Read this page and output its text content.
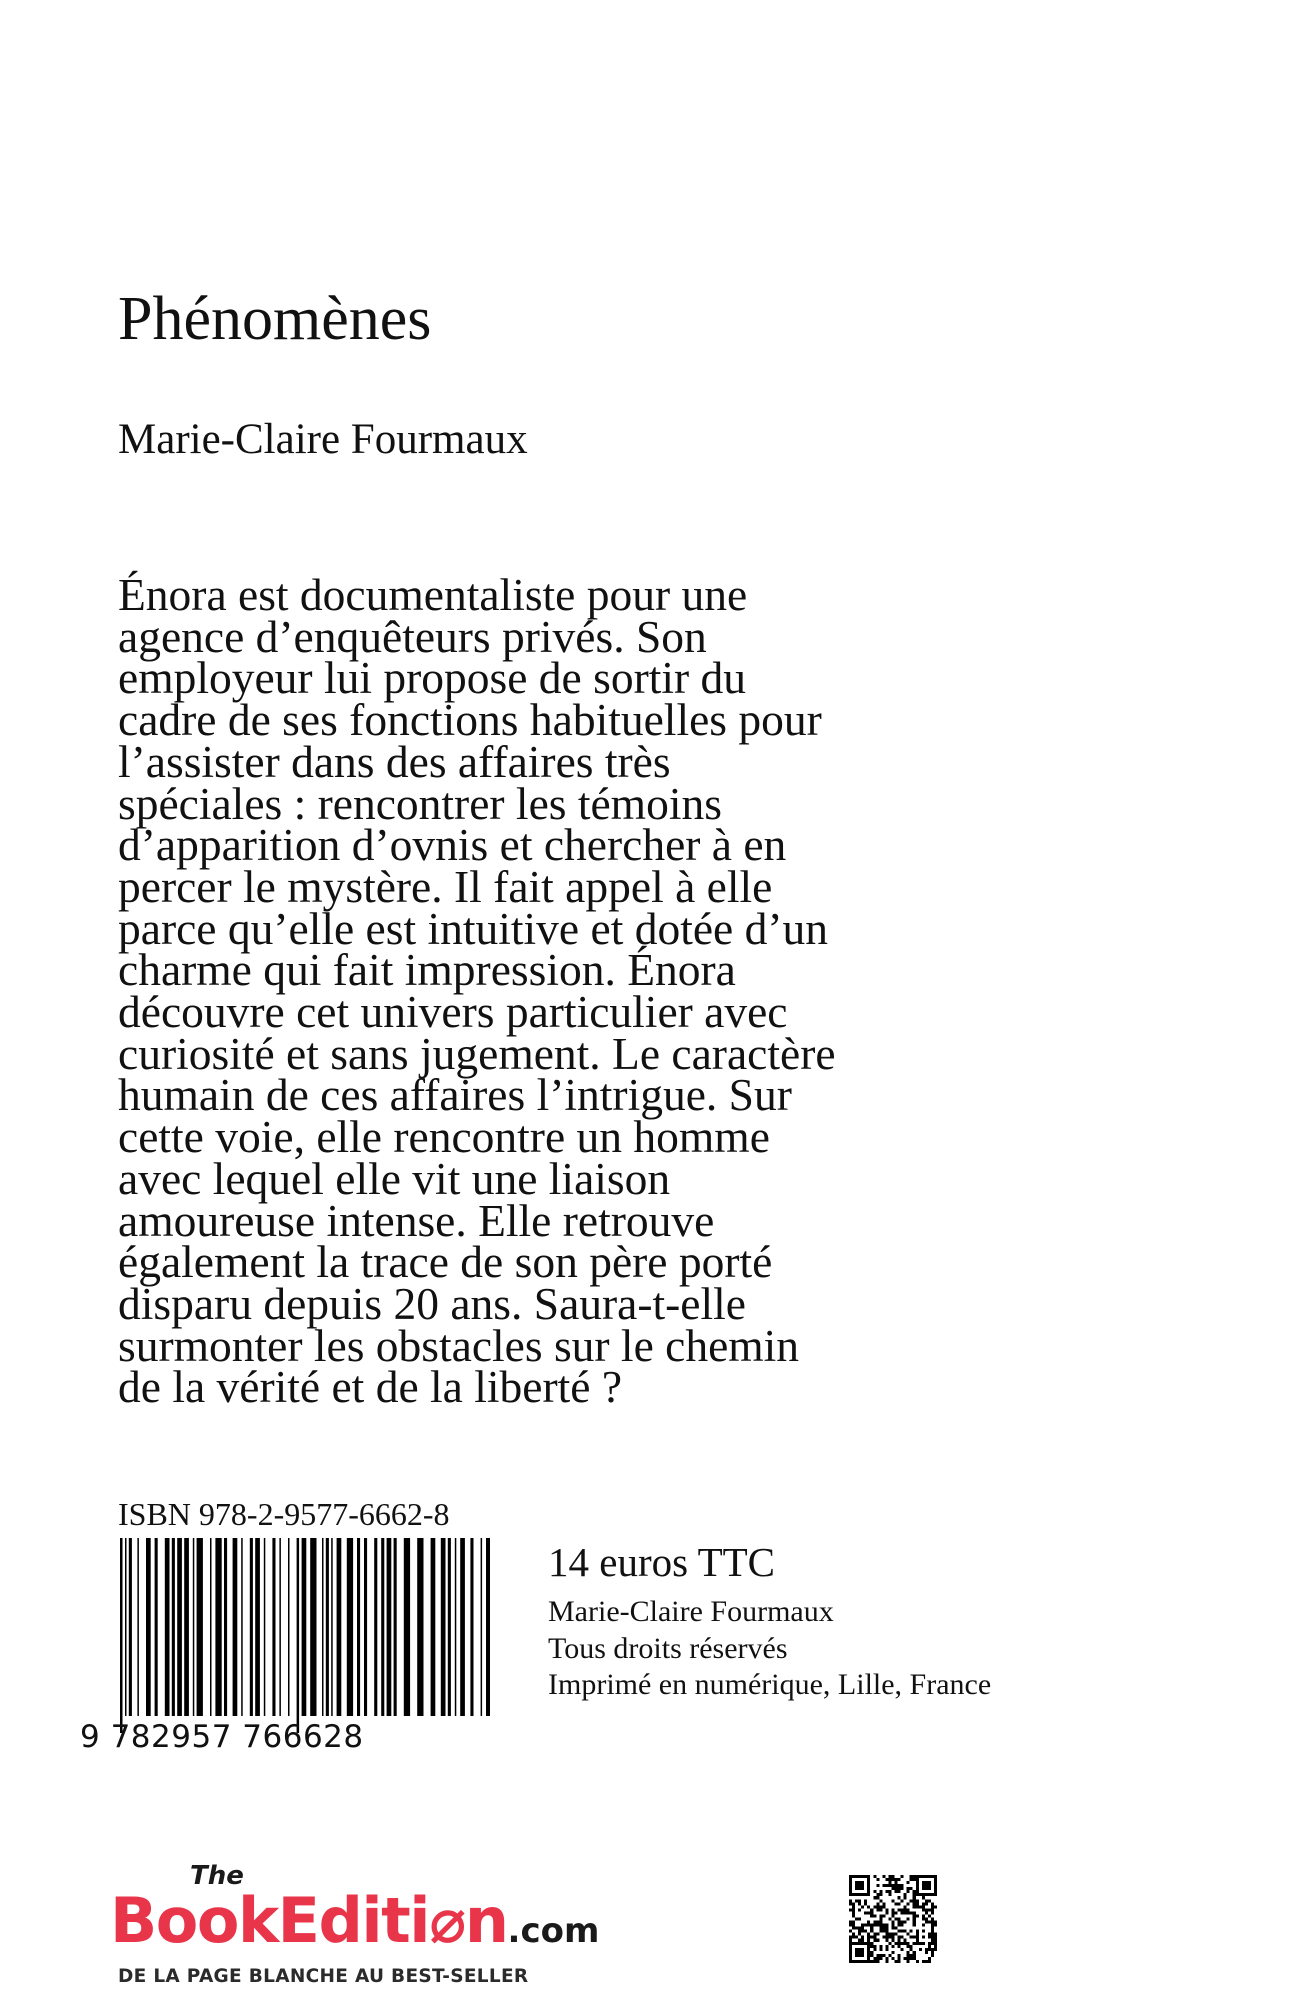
Phénomènes
Marie-Claire Fourmaux
Énora est documentaliste pour une
agence d’enquêteurs privés. Son
employeur lui propose de sortir du
cadre de ses fonctions habituelles pour
l’assister dans des affaires très
spéciales : rencontrer les témoins
d’apparition d’ovnis et chercher à en
percer le mystère. Il fait appel à elle
parce qu’elle est intuitive et dotée d’un
charme qui fait impression. Énora
découvre cet univers particulier avec
curiosité et sans jugement. Le caractère
humain de ces affaires l’intrigue. Sur
cette voie, elle rencontre un homme
avec lequel elle vit une liaison
amoureuse intense. Elle retrouve
également la trace de son père porté
disparu depuis 20 ans. Saura-t-elle
surmonter les obstacles sur le chemin
de la vérité et de la liberté ?
ISBN 978-2-9577-6662-8
9 782957 766628
14 euros TTC
Marie-Claire Fourmaux
Tous droits réservés
Imprimé en numérique, Lille, France
The
BookEditi⌀n.com
DE LA PAGE BLANCHE AU BEST-SELLER
